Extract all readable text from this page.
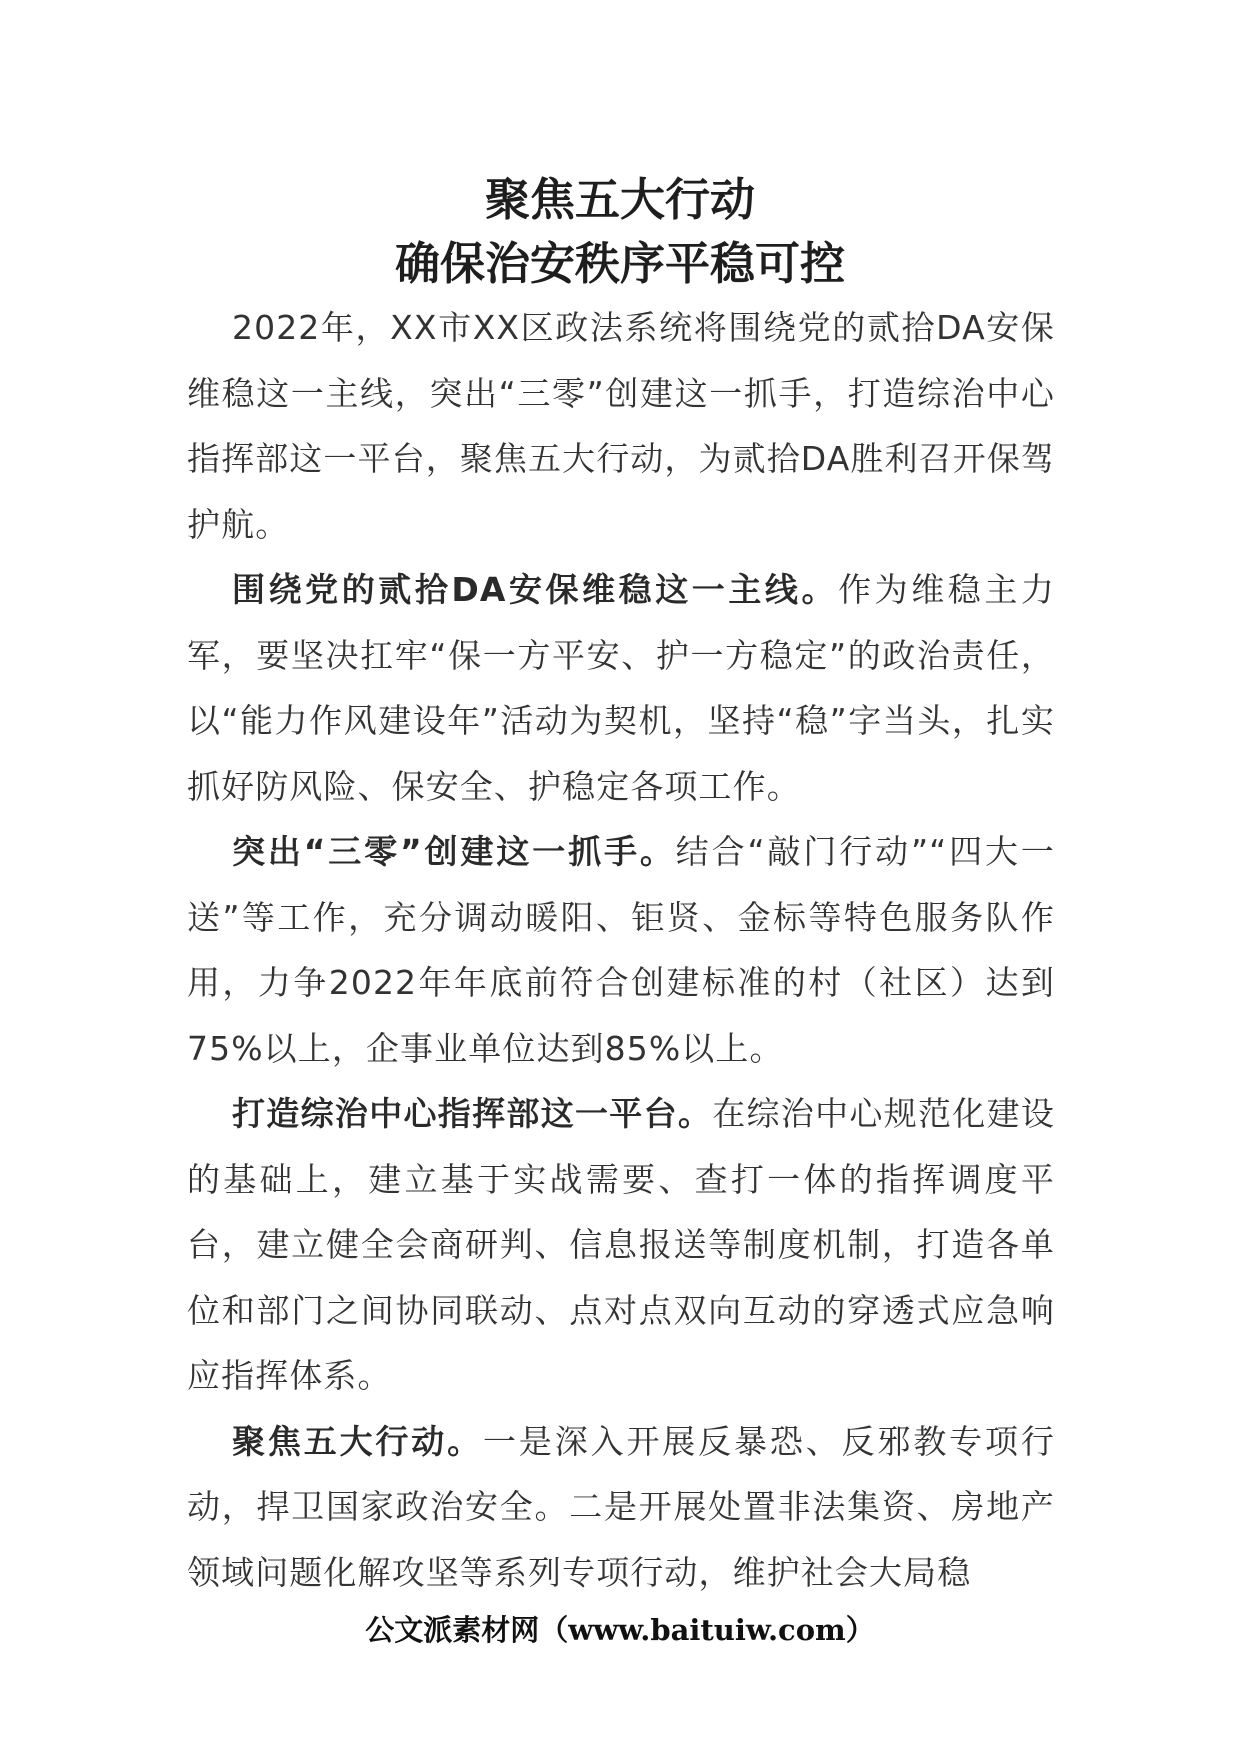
聚焦五大行动
确保治安秩序平稳可控

2022年，XX市XX区政法系统将围绕党的贰拾DA安保维稳这一主线，突出“三零”创建这一抓手，打造综治中心指挥部这一平台，聚焦五大行动，为贰拾DA胜利召开保驾护航。

围绕党的贰拾DA安保维稳这一主线。作为维稳主力军，要坚决扛牢“保一方平安、护一方稳定”的政治责任，以“能力作风建设年”活动为契机，坚持“稳”字当头，扎实抓好防风险、保安全、护稳定各项工作。

突出“三零”创建这一抓手。结合“敲门行动”“四大一送”等工作，充分调动暖阳、钜贤、金标等特色服务队作用，力争2022年年底前符合创建标准的村（社区）达到75%以上，企事业单位达到85%以上。

打造综治中心指挥部这一平台。在综治中心规范化建设的基础上，建立基于实战需要、查打一体的指挥调度平台，建立健全会商研判、信息报送等制度机制，打造各单位和部门之间协同联动、点对点双向互动的穿透式应急响应指挥体系。

聚焦五大行动。一是深入开展反暴恐、反邪教专项行动，捍卫国家政治安全。二是开展处置非法集资、房地产领域问题化解攻坚等系列专项行动，维护社会大局稳

公文派素材网（www.baituiw.com）
